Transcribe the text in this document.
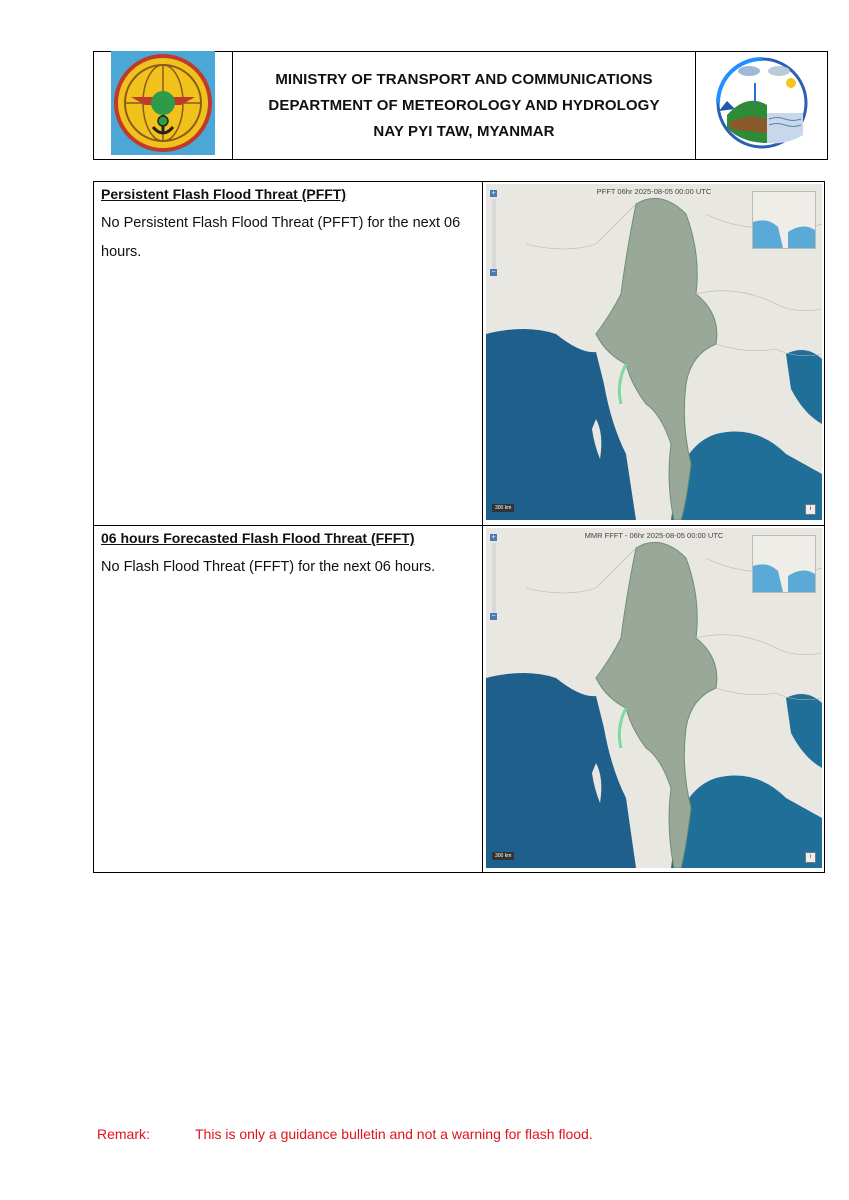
MINISTRY OF TRANSPORT AND COMMUNICATIONS
DEPARTMENT OF METEOROLOGY AND HYDROLOGY
NAY PYI TAW, MYANMAR
Persistent Flash Flood Threat (PFFT)
No Persistent Flash Flood Threat (PFFT) for the next 06 hours.
PFFT 06hr 2025-08-05 00:00 UTC
+
−
300 km	i
06 hours Forecasted Flash Flood Threat (FFFT)
No Flash Flood Threat (FFFT) for the next 06 hours.
MMR FFFT - 06hr 2025-08-05 00:00 UTC
+
−
300 km	i
Remark:	This is only a guidance bulletin and not a warning for flash flood.
